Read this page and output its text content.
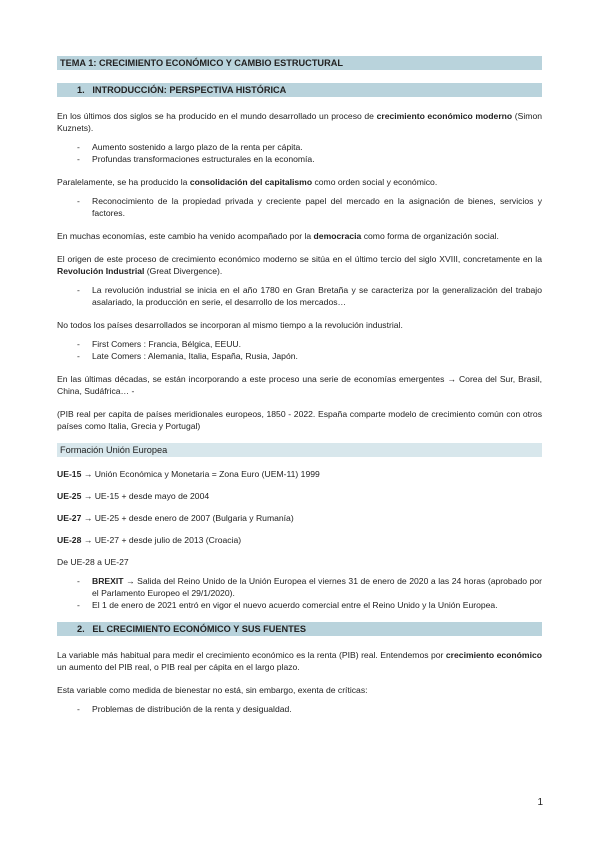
TEMA 1: CRECIMIENTO ECONÓMICO Y CAMBIO ESTRUCTURAL
1.   INTRODUCCIÓN: PERSPECTIVA HISTÓRICA

En los últimos dos siglos se ha producido en el mundo desarrollado un proceso de crecimiento económico moderno (Simon Kuznets).

- Aumento sostenido a largo plazo de la renta per cápita.
- Profundas transformaciones estructurales en la economía.

Paralelamente, se ha producido la consolidación del capitalismo como orden social y económico.

- Reconocimiento de la propiedad privada y creciente papel del mercado en la asignación de bienes, servicios y factores.

En muchas economías, este cambio ha venido acompañado por la democracia como forma de organización social.

El origen de este proceso de crecimiento económico moderno se sitúa en el último tercio del siglo XVIII, concretamente en la Revolución Industrial (Great Divergence).

- La revolución industrial se inicia en el año 1780 en Gran Bretaña y se caracteriza por la generalización del trabajo asalariado, la producción en serie, el desarrollo de los mercados…

No todos los países desarrollados se incorporan al mismo tiempo a la revolución industrial.

- First Comers : Francia, Bélgica, EEUU.
- Late Comers : Alemania, Italia, España, Rusia, Japón.

En las últimas décadas, se están incorporando a este proceso una serie de economías emergentes → Corea del Sur, Brasil, China, Sudáfrica… -

(PIB real per capita de países meridionales europeos, 1850 - 2022. España comparte modelo de crecimiento común con otros países como Italia, Grecia y Portugal)

Formación Unión Europea

UE-15 → Unión Económica y Monetaria = Zona Euro (UEM-11) 1999

UE-25 → UE-15 + desde mayo de 2004

UE-27 → UE-25 + desde enero de 2007 (Bulgaria y Rumanía)

UE-28 → UE-27 + desde julio de 2013 (Croacia)

De UE-28 a UE-27

- BREXIT → Salida del Reino Unido de la Unión Europea el viernes 31 de enero de 2020 a las 24 horas (aprobado por el Parlamento Europeo el 29/1/2020).
- El 1 de enero de 2021 entró en vigor el nuevo acuerdo comercial entre el Reino Unido y la Unión Europea.
2.   EL CRECIMIENTO ECONÓMICO Y SUS FUENTES

La variable más habitual para medir el crecimiento económico es la renta (PIB) real. Entendemos por crecimiento económico un aumento del PIB real, o PIB real per cápita en el largo plazo.

Esta variable como medida de bienestar no está, sin embargo, exenta de críticas:

- Problemas de distribución de la renta y desigualdad.
1
